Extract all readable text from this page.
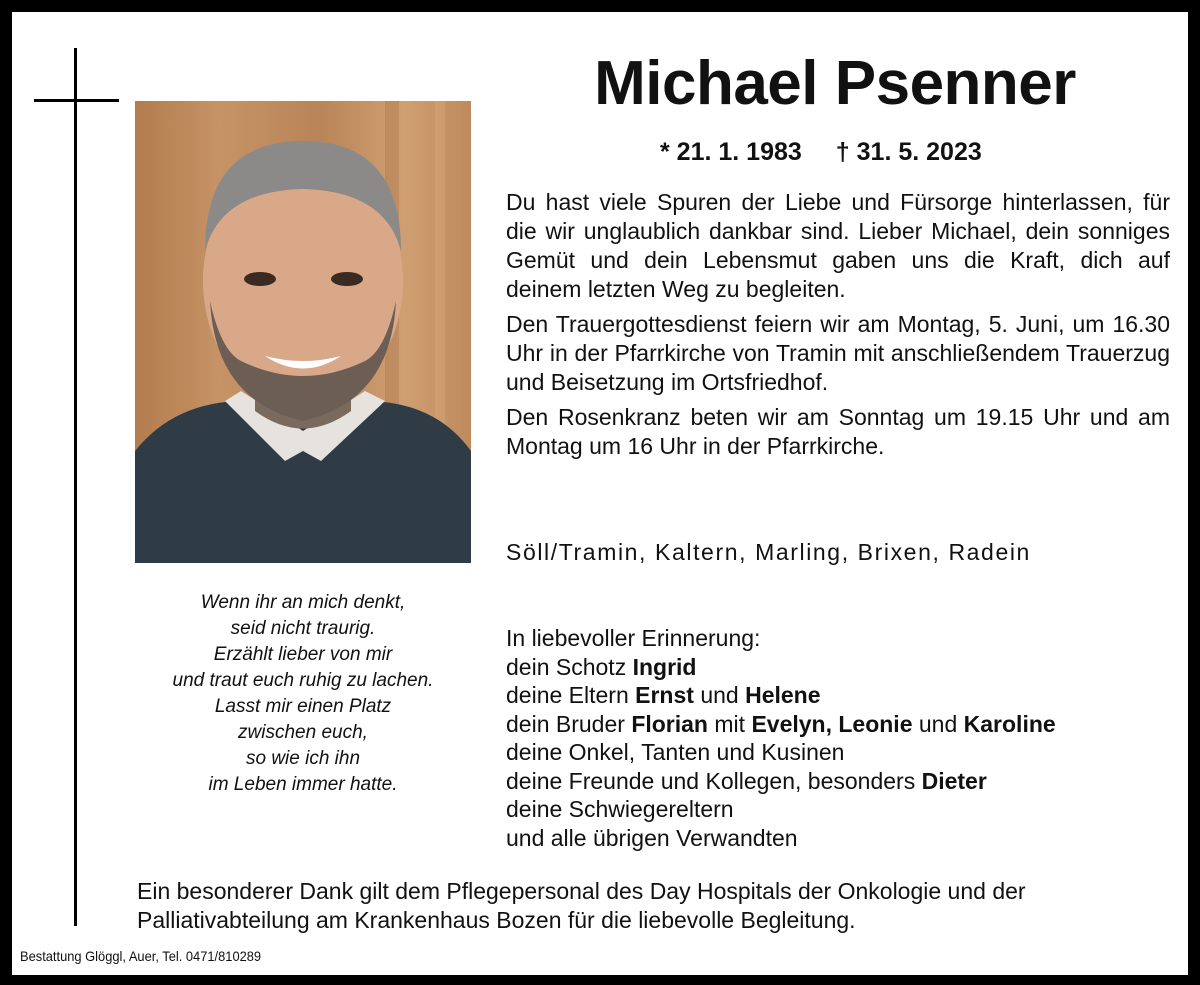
Michael Psenner
* 21. 1. 1983 † 31. 5. 2023
Wenn ihr an mich denkt,
seid nicht traurig.
Erzählt lieber von mir
und traut euch ruhig zu lachen.
Lasst mir einen Platz
zwischen euch,
so wie ich ihn
im Leben immer hatte.

Du hast viele Spuren der Liebe und Fürsorge hinterlassen, für die wir unglaublich dankbar sind. Lieber Michael, dein sonniges Gemüt und dein Lebensmut gaben uns die Kraft, dich auf deinem letzten Weg zu begleiten.

Den Trauergottesdienst feiern wir am Montag, 5. Juni, um 16.30 Uhr in der Pfarrkirche von Tramin mit anschließendem Trauerzug und Beisetzung im Ortsfriedhof.

Den Rosenkranz beten wir am Sonntag um 19.15 Uhr und am Montag um 16 Uhr in der Pfarrkirche.

Söll/Tramin, Kaltern, Marling, Brixen, Radein
In liebevoller Erinnerung:
dein Schotz Ingrid
deine Eltern Ernst und Helene
dein Bruder Florian mit Evelyn, Leonie und Karoline
deine Onkel, Tanten und Kusinen
deine Freunde und Kollegen, besonders Dieter
deine Schwiegereltern
und alle übrigen Verwandten
Ein besonderer Dank gilt dem Pflegepersonal des Day Hospitals der Onkologie und der Palliativabteilung am Krankenhaus Bozen für die liebevolle Begleitung.
Bestattung Glöggl, Auer, Tel. 0471/810289
